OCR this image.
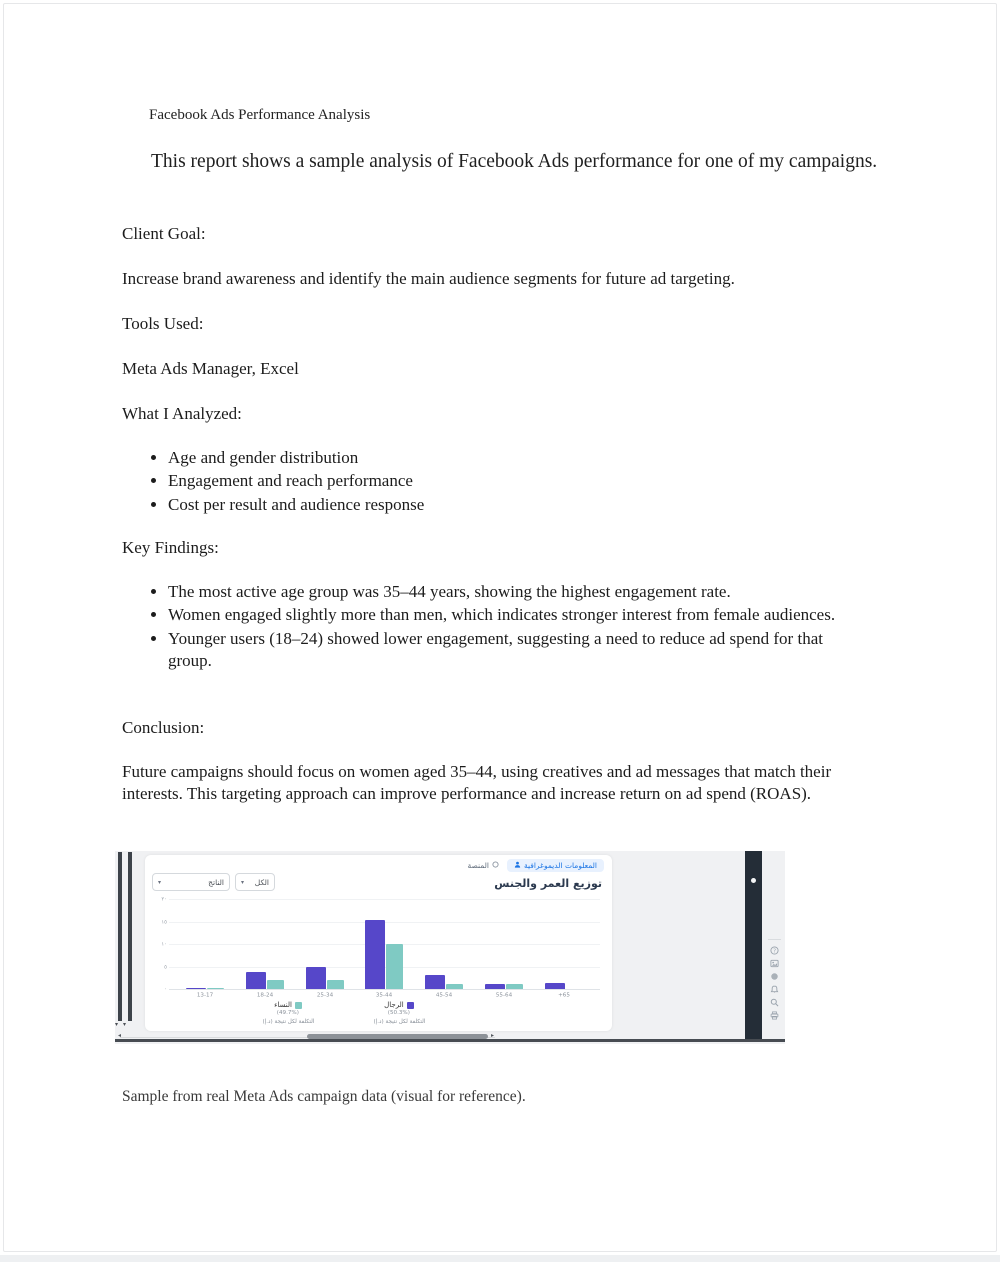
Facebook Ads Performance Analysis
This report shows a sample analysis of Facebook Ads performance for one of my campaigns.
Client Goal:
Increase brand awareness and identify the main audience segments for future ad targeting.
Tools Used:
Meta Ads Manager, Excel
What I Analyzed:
• Age and gender distribution
• Engagement and reach performance
• Cost per result and audience response
Key Findings:
• The most active age group was 35–44 years, showing the highest engagement rate.
• Women engaged slightly more than men, which indicates stronger interest from female audiences.
• Younger users (18–24) showed lower engagement, suggesting a need to reduce ad spend for that group.
Conclusion:
Future campaigns should focus on women aged 35–44, using creatives and ad messages that match their interests. This targeting approach can improve performance and increase return on ad spend (ROAS).
▾▾
المنصة	المعلومات الديموغرافية
توزيع العمر والجنس
الناتج
▾	الكل
▾
٢٠
١٥
١٠
٥
٠
13-17	18-24	25-34	35-44	45-54	55-64	+65
النساء
(49.7%)
التكلفة لكل نتيجة (د.إ)
الرجال
(50.3%)
التكلفة لكل نتيجة (د.إ)
?
◂	▸
Sample from real Meta Ads campaign data (visual for reference).
